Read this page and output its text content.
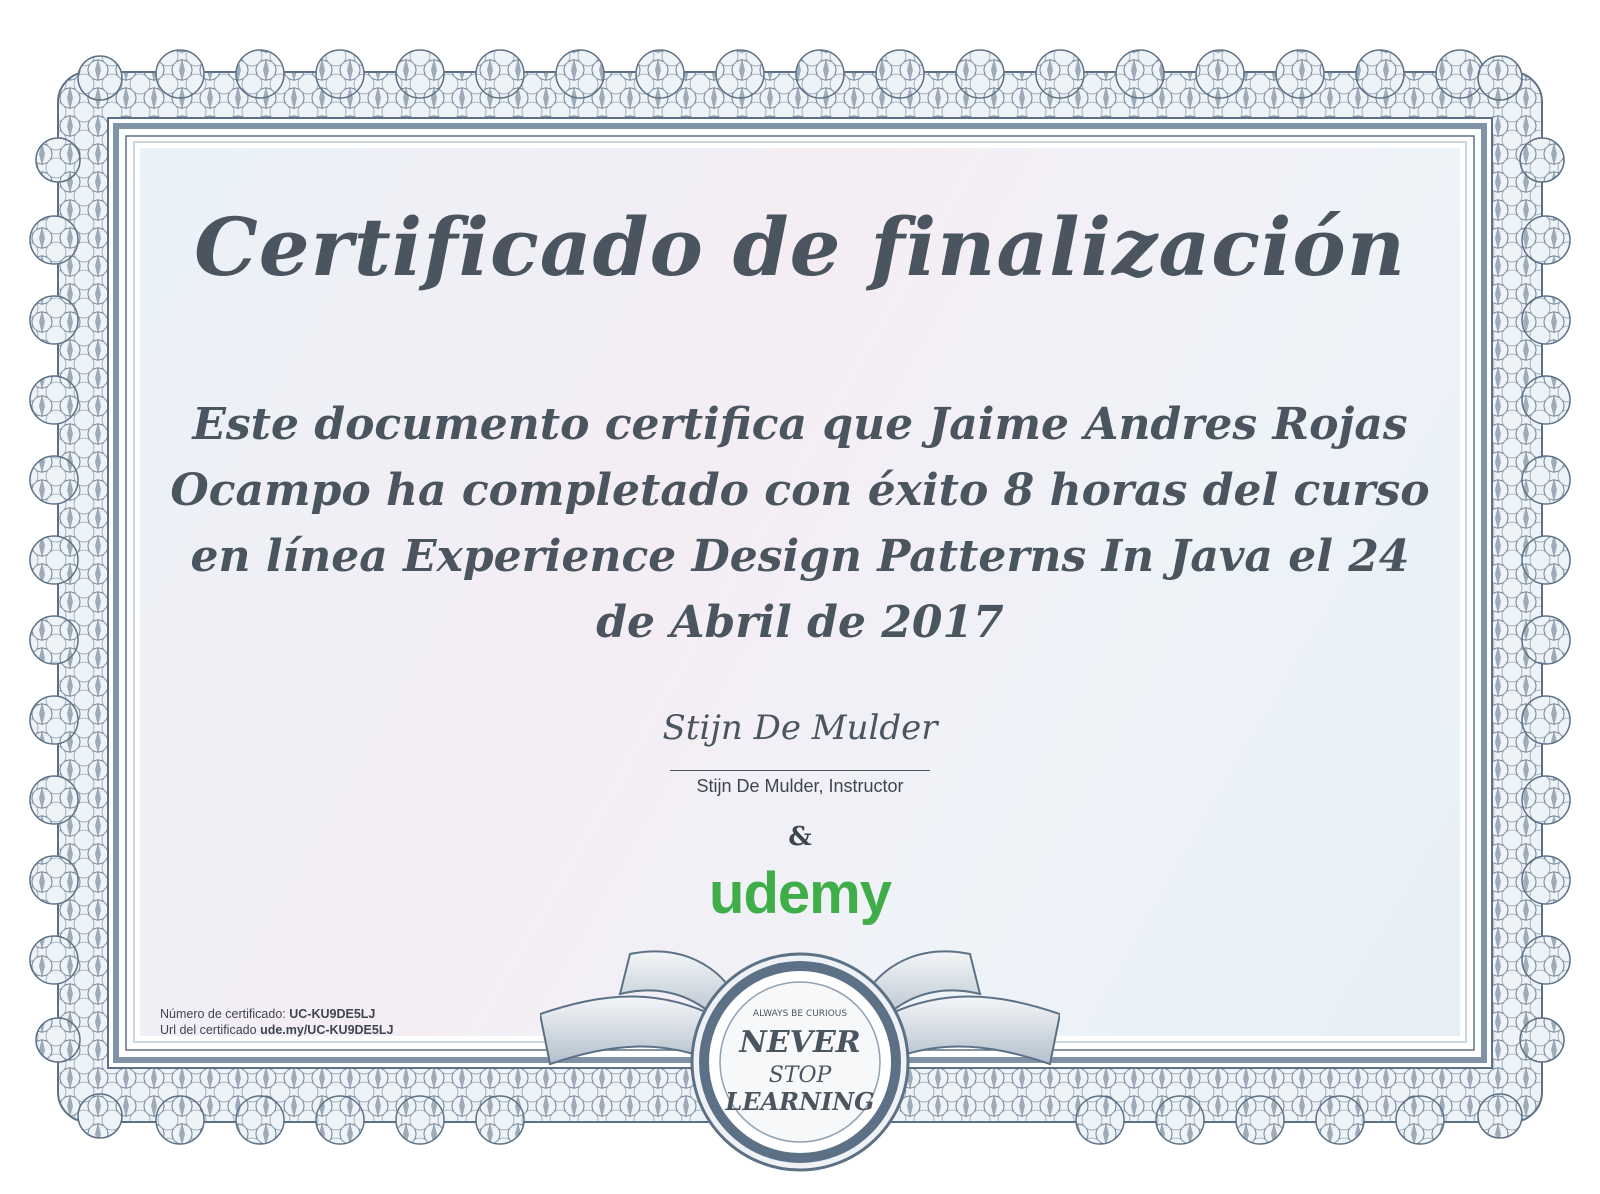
Certificado de finalización

Este documento certifica que Jaime Andres Rojas Ocampo ha completado con éxito 8 horas del curso en línea Experience Design Patterns In Java el 24 de Abril de 2017

Stijn De Mulder
Stijn De Mulder, Instructor
&
udemy
Número de certificado: UC-KU9DE5LJ
Url del certificado ude.my/UC-KU9DE5LJ
ALWAYS BE CURIOUS
NEVER
STOP
LEARNING
